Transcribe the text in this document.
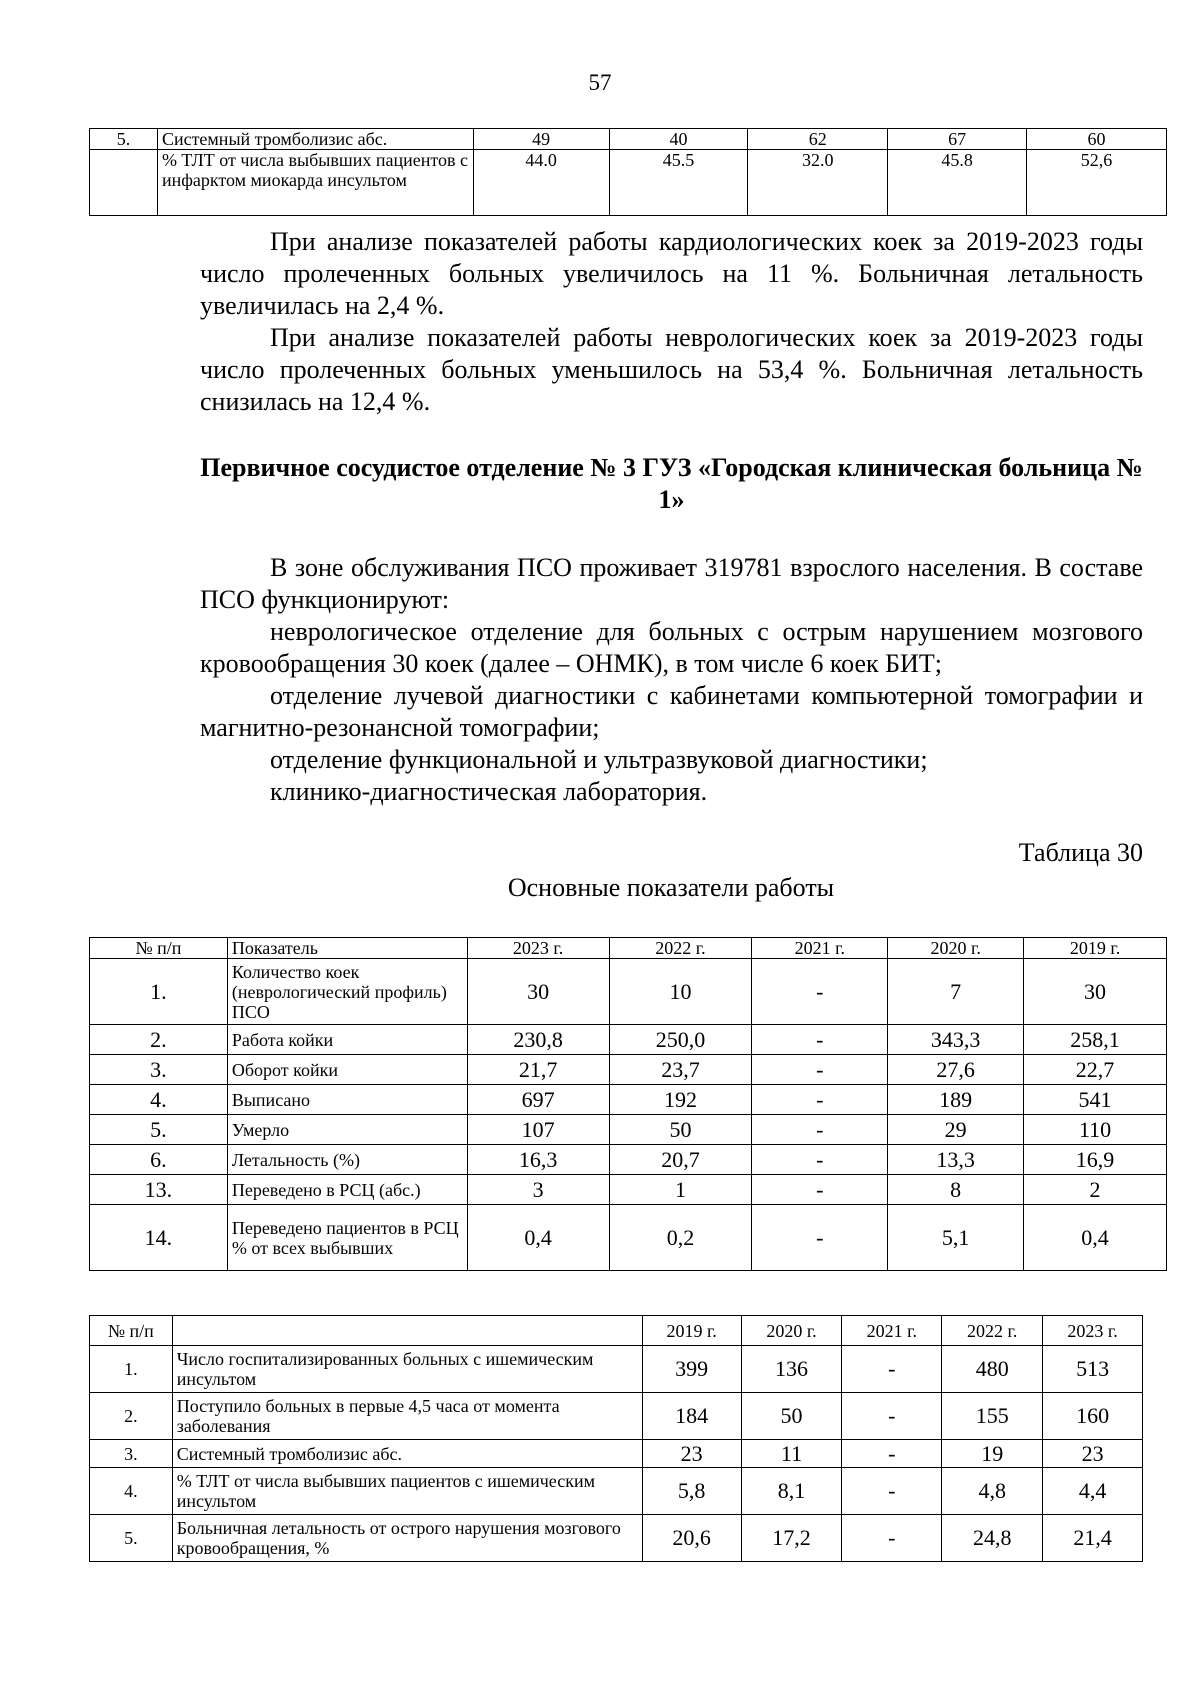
57
5.	Системный тромболизис абс.	49	40	62	67	60
	% ТЛТ от числа выбывших пациентов с инфарктом миокарда инсультом	44.0	45.5	32.0	45.8	52,6

При анализе показателей работы кардиологических коек за 2019-2023 годы число пролеченных больных увеличилось на 11 %. Больничная летальность увеличилась на 2,4 %.

При анализе показателей работы неврологических коек за 2019-2023 годы число пролеченных больных уменьшилось на 53,4 %. Больничная летальность снизилась на 12,4 %.

Первичное сосудистое отделение № 3 ГУЗ «Городская клиническая больница № 1»

В зоне обслуживания ПСО проживает 319781 взрослого населения. В составе ПСО функционируют:

неврологическое отделение для больных с острым нарушением мозгового кровообращения 30 коек (далее – ОНМК), в том числе 6 коек БИТ;

отделение лучевой диагностики с кабинетами компьютерной томографии и магнитно-резонансной томографии;

отделение функциональной и ультразвуковой диагностики;

клинико-диагностическая лаборатория.

Таблица 30
Основные показатели работы
№ п/п	Показатель	2023 г.	2022 г.	2021 г.	2020 г.	2019 г.
1.	Количество коек (неврологический профиль) ПСО	30	10	-	7	30
2.	Работа койки	230,8	250,0	-	343,3	258,1
3.	Оборот койки	21,7	23,7	-	27,6	22,7
4.	Выписано	697	192	-	189	541
5.	Умерло	107	50	-	29	110
6.	Летальность (%)	16,3	20,7	-	13,3	16,9
13.	Переведено в РСЦ (абс.)	3	1	-	8	2
14.	Переведено пациентов в РСЦ % от всех выбывших	0,4	0,2	-	5,1	0,4
№ п/п		2019 г.	2020 г.	2021 г.	2022 г.	2023 г.
1.	Число госпитализированных больных с ишемическим инсультом	399	136	-	480	513
2.	Поступило больных в первые 4,5 часа от момента заболевания	184	50	-	155	160
3.	Системный тромболизис абс.	23	11	-	19	23
4.	% ТЛТ от числа выбывших пациентов с ишемическим инсультом	5,8	8,1	-	4,8	4,4
5.	Больничная летальность от острого нарушения мозгового кровообращения, %	20,6	17,2	-	24,8	21,4
